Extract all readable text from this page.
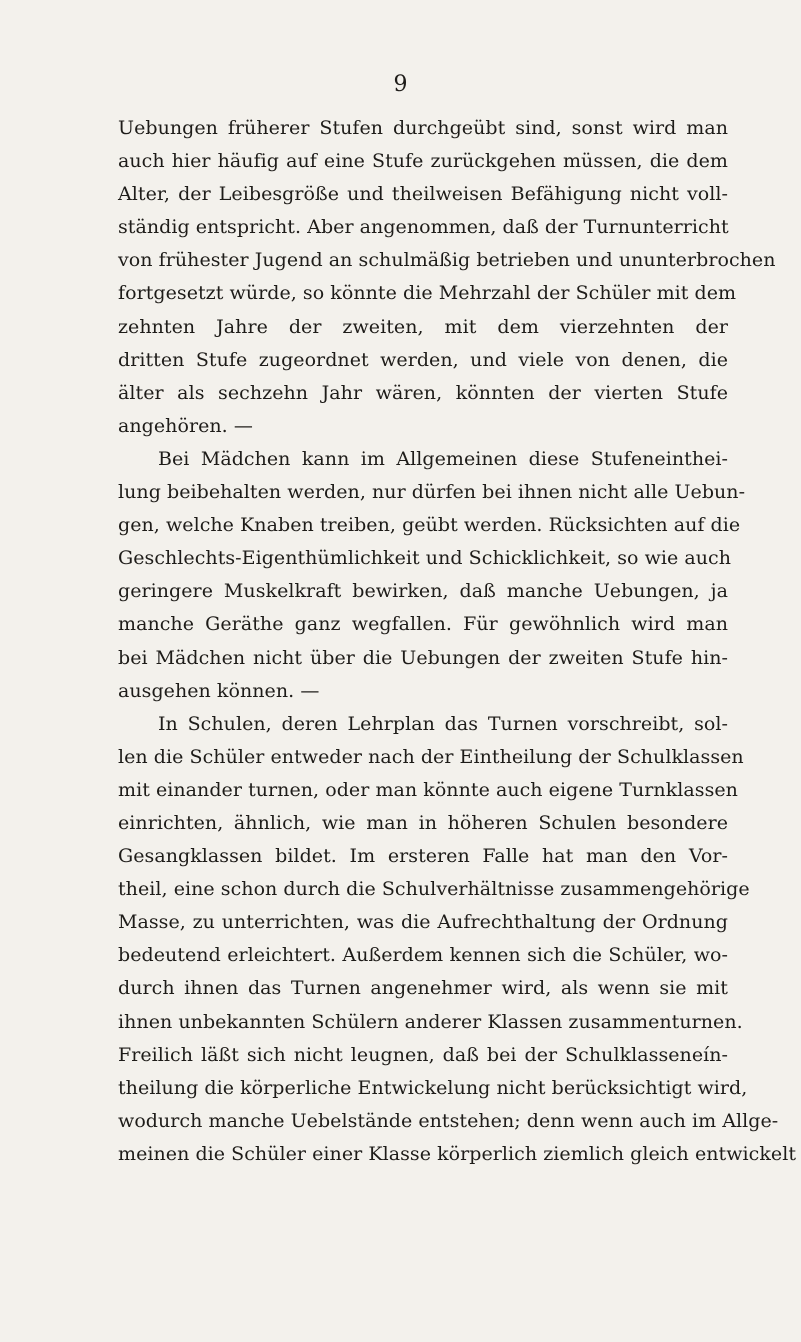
9
Uebungen früherer Stufen durchgeübt sind, sonst wird man
auch hier häufig auf eine Stufe zurückgehen müssen, die dem
Alter, der Leibesgröße und theilweisen Befähigung nicht voll-
ständig entspricht. Aber angenommen, daß der Turnunterricht
von frühester Jugend an schulmäßig betrieben und ununterbrochen
fortgesetzt würde, so könnte die Mehrzahl der Schüler mit dem
zehnten Jahre der zweiten, mit dem vierzehnten der
dritten Stufe zugeordnet werden, und viele von denen, die
älter als sechzehn Jahr wären, könnten der vierten Stufe
angehören. —
Bei Mädchen kann im Allgemeinen diese Stufeneinthei-
lung beibehalten werden, nur dürfen bei ihnen nicht alle Uebun-
gen, welche Knaben treiben, geübt werden. Rücksichten auf die
Geschlechts-Eigenthümlichkeit und Schicklichkeit, so wie auch
geringere Muskelkraft bewirken, daß manche Uebungen, ja
manche Geräthe ganz wegfallen. Für gewöhnlich wird man
bei Mädchen nicht über die Uebungen der zweiten Stufe hin-
ausgehen können. —
In Schulen, deren Lehrplan das Turnen vorschreibt, sol-
len die Schüler entweder nach der Eintheilung der Schulklassen
mit einander turnen, oder man könnte auch eigene Turnklassen
einrichten, ähnlich, wie man in höheren Schulen besondere
Gesangklassen bildet. Im ersteren Falle hat man den Vor-
theil, eine schon durch die Schulverhältnisse zusammengehörige
Masse, zu unterrichten, was die Aufrechthaltung der Ordnung
bedeutend erleichtert. Außerdem kennen sich die Schüler, wo-
durch ihnen das Turnen angenehmer wird, als wenn sie mit
ihnen unbekannten Schülern anderer Klassen zusammenturnen.
Freilich läßt sich nicht leugnen, daß bei der Schulklasseneín-
theilung die körperliche Entwickelung nicht berücksichtigt wird,
wodurch manche Uebelstände entstehen; denn wenn auch im Allge-
meinen die Schüler einer Klasse körperlich ziemlich gleich entwickelt
